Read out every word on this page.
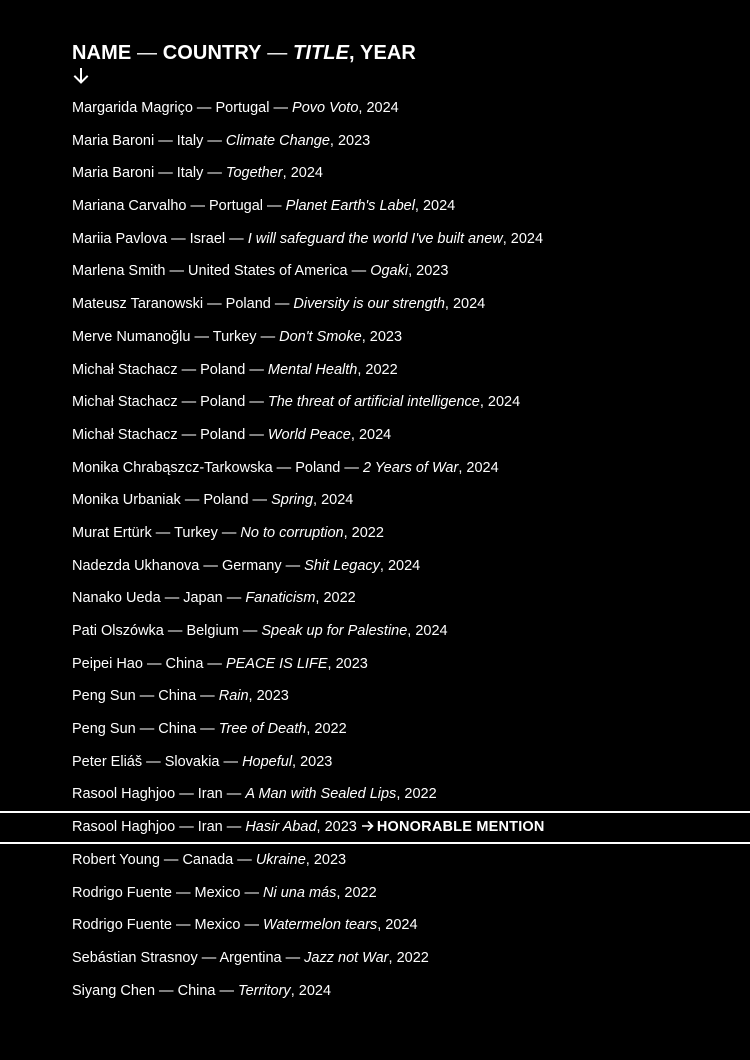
NAME — COUNTRY — TITLE, YEAR
Margarida Magriço — Portugal — Povo Voto, 2024
Maria Baroni — Italy — Climate Change, 2023
Maria Baroni — Italy — Together, 2024
Mariana Carvalho — Portugal — Planet Earth's Label, 2024
Mariia Pavlova — Israel — I will safeguard the world I've built anew, 2024
Marlena Smith — United States of America — Ogaki, 2023
Mateusz Taranowski — Poland — Diversity is our strength, 2024
Merve Numanoğlu — Turkey — Don't Smoke, 2023
Michał Stachacz — Poland — Mental Health, 2022
Michał Stachacz — Poland — The threat of artificial intelligence, 2024
Michał Stachacz — Poland — World Peace, 2024
Monika Chrabąszcz-Tarkowska — Poland — 2 Years of War, 2024
Monika Urbaniak — Poland — Spring, 2024
Murat Ertürk — Turkey — No to corruption, 2022
Nadezda Ukhanova — Germany — Shit Legacy, 2024
Nanako Ueda — Japan — Fanaticism, 2022
Pati Olszówka — Belgium — Speak up for Palestine, 2024
Peipei Hao — China — PEACE IS LIFE, 2023
Peng Sun — China — Rain, 2023
Peng Sun — China — Tree of Death, 2022
Peter Eliáš — Slovakia — Hopeful, 2023
Rasool Haghjoo — Iran — A Man with Sealed Lips, 2022
Rasool Haghjoo — Iran — Hasir Abad, 2023 HONORABLE MENTION
Robert Young — Canada — Ukraine, 2023
Rodrigo Fuente — Mexico — Ni una más, 2022
Rodrigo Fuente — Mexico — Watermelon tears, 2024
Sebástian Strasnoy — Argentina — Jazz not War, 2022
Siyang Chen — China — Territory, 2024
